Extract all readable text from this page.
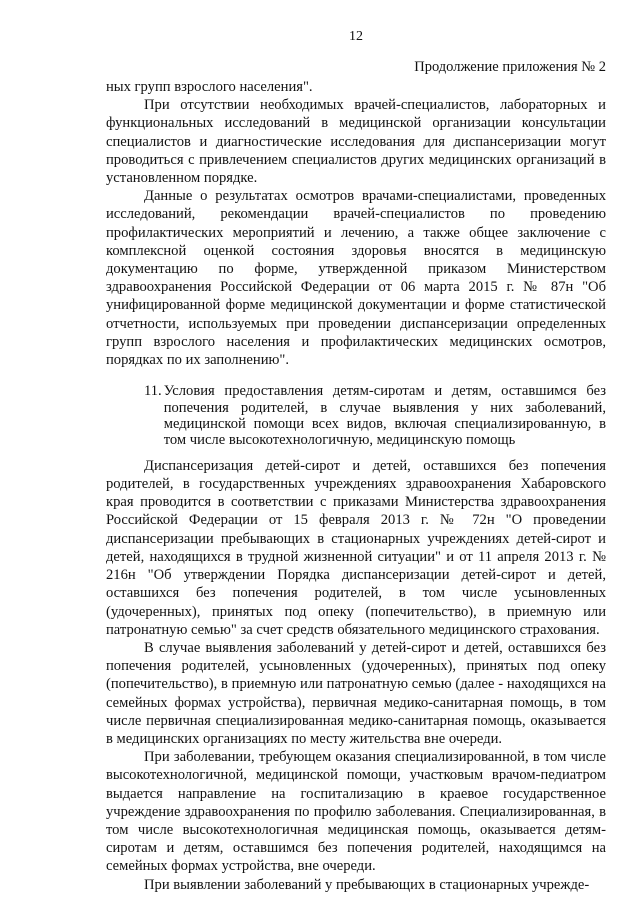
12
Продолжение приложения № 2

ных групп взрослого населения".

При отсутствии необходимых врачей-специалистов, лабораторных и функциональных исследований в медицинской организации консультации специалистов и диагностические исследования для диспансеризации могут проводиться с привлечением специалистов других медицинских организаций в установленном порядке.

Данные о результатах осмотров врачами-специалистами, проведенных исследований, рекомендации врачей-специалистов по проведению профилактических мероприятий и лечению, а также общее заключение с комплексной оценкой состояния здоровья вносятся в медицинскую документацию по форме, утвержденной приказом Министерством здравоохранения Российской Федерации от 06 марта 2015 г. № 87н "Об унифицированной форме медицинской документации и форме статистической отчетности, используемых при проведении диспансеризации определенных групп взрослого населения и профилактических медицинских осмотров, порядках по их заполнению".

11. Условия предоставления детям-сиротам и детям, оставшимся без попечения родителей, в случае выявления у них заболеваний, медицинской помощи всех видов, включая специализированную, в том числе высокотехнологичную, медицинскую помощь

Диспансеризация детей-сирот и детей, оставшихся без попечения родителей, в государственных учреждениях здравоохранения Хабаровского края проводится в соответствии с приказами Министерства здравоохранения Российской Федерации от 15 февраля 2013 г. № 72н "О проведении диспансеризации пребывающих в стационарных учреждениях детей-сирот и детей, находящихся в трудной жизненной ситуации" и от 11 апреля 2013 г. № 216н "Об утверждении Порядка диспансеризации детей-сирот и детей, оставшихся без попечения родителей, в том числе усыновленных (удочеренных), принятых под опеку (попечительство), в приемную или патронатную семью" за счет средств обязательного медицинского страхования.

В случае выявления заболеваний у детей-сирот и детей, оставшихся без попечения родителей, усыновленных (удочеренных), принятых под опеку (попечительство), в приемную или патронатную семью (далее - находящихся на семейных формах устройства), первичная медико-санитарная помощь, в том числе первичная специализированная медико-санитарная помощь, оказывается в медицинских организациях по месту жительства вне очереди.

При заболевании, требующем оказания специализированной, в том числе высокотехнологичной, медицинской помощи, участковым врачом-педиатром выдается направление на госпитализацию в краевое государственное учреждение здравоохранения по профилю заболевания. Специализированная, в том числе высокотехнологичная медицинская помощь, оказывается детям-сиротам и детям, оставшимся без попечения родителей, находящимся на семейных формах устройства, вне очереди.

При выявлении заболеваний у пребывающих в стационарных учрежде-
